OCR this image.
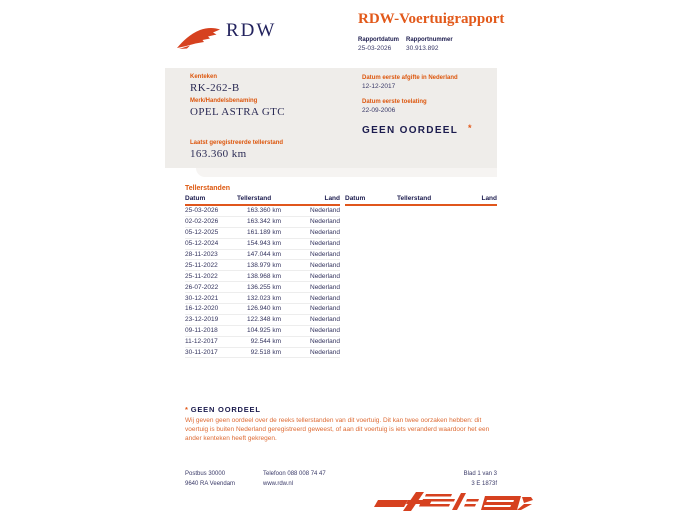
RDW
RDW-Voertuigrapport
Rapportdatum
25-03-2026
Rapportnummer
30.913.892
Kenteken
RK-262-B
Merk/Handelsbenaming
OPEL ASTRA GTC
Laatst geregistreerde tellerstand
163.360 km
Datum eerste afgifte in Nederland
12-12-2017
Datum eerste toelating
22-09-2006
GEEN OORDEEL *
Tellerstanden
Datum	Tellerstand	Land
25-03-2026	163.360 km	Nederland
02-02-2026	163.342 km	Nederland
05-12-2025	161.189 km	Nederland
05-12-2024	154.943 km	Nederland
28-11-2023	147.044 km	Nederland
25-11-2022	138.979 km	Nederland
25-11-2022	138.968 km	Nederland
26-07-2022	136.255 km	Nederland
30-12-2021	132.023 km	Nederland
16-12-2020	126.940 km	Nederland
23-12-2019	122.348 km	Nederland
09-11-2018	104.925 km	Nederland
11-12-2017	92.544 km	Nederland
30-11-2017	92.518 km	Nederland
Datum	Tellerstand	Land
* GEEN OORDEEL
Wij geven geen oordeel over de reeks tellerstanden van dit voertuig. Dit kan twee oorzaken hebben: dit voertuig is buiten Nederland geregistreerd geweest, of aan dit voertuig is iets veranderd waardoor het een ander kenteken heeft gekregen.
Postbus 30000
9640 RA Veendam
Telefoon 088 008 74 47
www.rdw.nl
Blad 1 van 3
3 E 1873f
